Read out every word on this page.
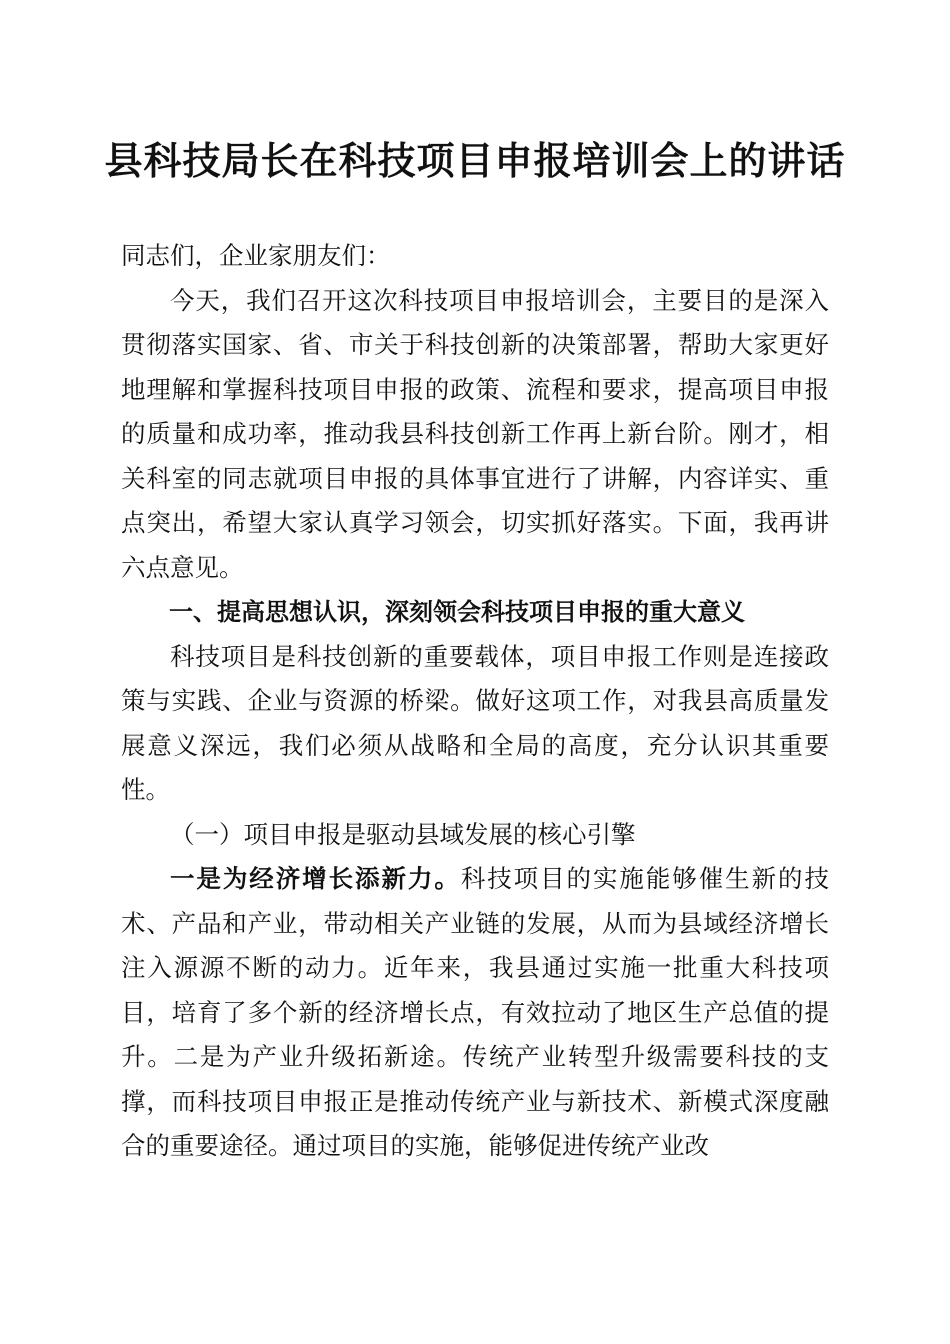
县科技局长在科技项目申报培训会上的讲话

同志们，企业家朋友们：

今天，我们召开这次科技项目申报培训会，主要目的是深入贯彻落实国家、省、市关于科技创新的决策部署，帮助大家更好地理解和掌握科技项目申报的政策、流程和要求，提高项目申报的质量和成功率，推动我县科技创新工作再上新台阶。刚才，相关科室的同志就项目申报的具体事宜进行了讲解，内容详实、重点突出，希望大家认真学习领会，切实抓好落实。下面，我再讲六点意见。

一、提高思想认识，深刻领会科技项目申报的重大意义

科技项目是科技创新的重要载体，项目申报工作则是连接政策与实践、企业与资源的桥梁。做好这项工作，对我县高质量发展意义深远，我们必须从战略和全局的高度，充分认识其重要性。

（一）项目申报是驱动县域发展的核心引擎

一是为经济增长添新力。科技项目的实施能够催生新的技术、产品和产业，带动相关产业链的发展，从而为县域经济增长注入源源不断的动力。近年来，我县通过实施一批重大科技项目，培育了多个新的经济增长点，有效拉动了地区生产总值的提升。二是为产业升级拓新途。传统产业转型升级需要科技的支撑，而科技项目申报正是推动传统产业与新技术、新模式深度融合的重要途径。通过项目的实施，能够促进传统产业改
